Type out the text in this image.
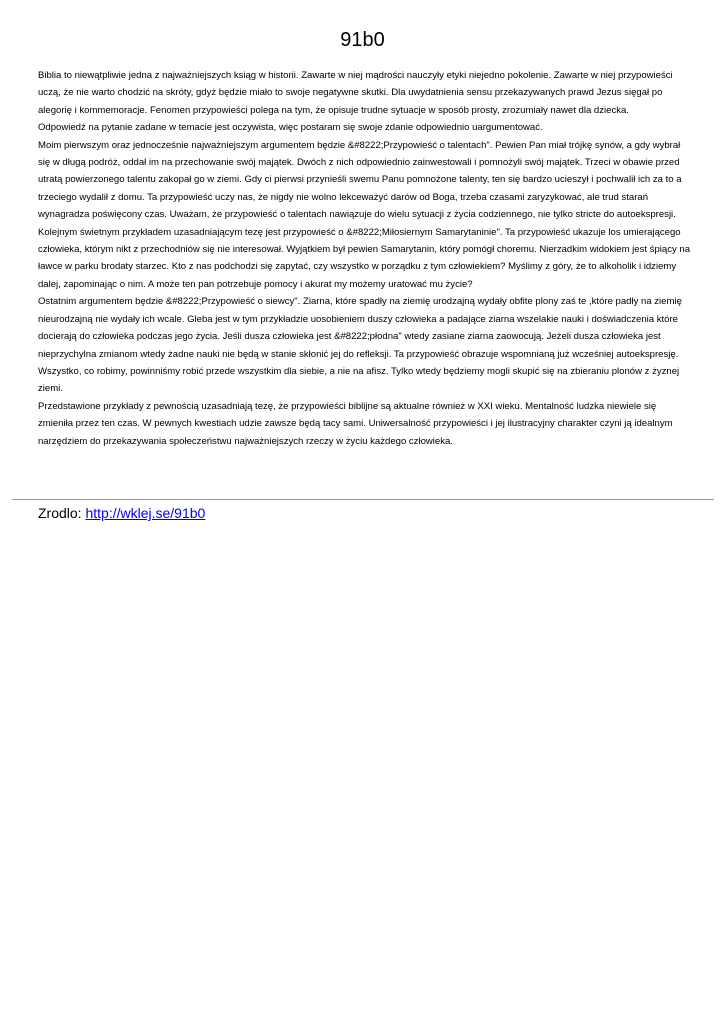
91b0

Biblia to niewątpliwie jedna z najważniejszych ksiąg w historii. Zawarte w niej mądrości nauczyły etyki niejedno pokolenie. Zawarte w niej przypowieści uczą, że nie warto chodzić na skróty, gdyż będzie miało to swoje negatywne skutki. Dla uwydatnienia sensu przekazywanych prawd Jezus sięgał po alegorię i kommemoracje. Fenomen przypowieści polega na tym, że opisuje trudne sytuacje w sposób prosty, zrozumiały nawet dla dziecka.

Odpowiedź na pytanie zadane w temacie jest oczywista, więc postaram się swoje zdanie odpowiednio uargumentować.

Moim pierwszym oraz jednocześnie najważniejszym argumentem będzie &#8222;Przypowieść o talentach". Pewien Pan miał trójkę synów, a gdy wybrał się w długą podróż, oddał im na przechowanie swój majątek. Dwóch z nich odpowiednio zainwestowali i pomnożyli swój majątek. Trzeci w obawie przed utratą powierzonego talentu zakopał go w ziemi. Gdy ci pierwsi przynieśli swemu Panu pomnożone talenty, ten się bardzo ucieszył i pochwalił ich za to a trzeciego wydalił z domu. Ta przypowieść uczy nas, że nigdy nie wolno lekceważyć darów od Boga, trzeba czasami zaryzykować, ale trud starań wynagradza poświęcony czas. Uważam, że przypowieść o talentach nawiązuje do wielu sytuacji z życia codziennego, nie tylko stricte do autoekspresji.

Kolejnym świetnym przykładem uzasadniającym tezę jest przypowieść o &#8222;Miłosiernym Samarytaninie". Ta przypowieść ukazuje los umierającego człowieka, którym nikt z przechodniów się nie interesował. Wyjątkiem był pewien Samarytanin, który pomógł choremu. Nierzadkim widokiem jest śpiący na ławce w parku brodaty starzec. Kto z nas podchodzi się zapytać, czy wszystko w porządku z tym człowiekiem? Myślimy z góry, że to alkoholik i idziemy dalej, zapominając o nim. A może ten pan potrzebuje pomocy i akurat my możemy uratować mu życie?

Ostatnim argumentem będzie &#8222;Przypowieść o siewcy". Ziarna, które spadły na ziemię urodzajną wydały obfite plony zaś te ,które padły na ziemię nieurodzajną nie wydały ich wcale. Gleba jest w tym przykładzie uosobieniem duszy człowieka a padające ziarna wszelakie nauki i doświadczenia które docierają do człowieka podczas jego życia. Jeśli dusza człowieka jest &#8222;płodna" wtedy zasiane ziarna zaowocują. Jeżeli dusza człowieka jest nieprzychylna zmianom wtedy żadne nauki nie będą w stanie skłonić jej do refleksji. Ta przypowieść obrazuje wspomnianą już wcześniej autoekspresję. Wszystko, co robimy, powinniśmy robić przede wszystkim dla siebie, a nie na afisz. Tylko wtedy będziemy mogli skupić się na zbieraniu plonów z żyznej ziemi.

Przedstawione przykłady z pewnością uzasadniają tezę, że przypowieści biblijne są aktualne również w XXI wieku. Mentalność ludzka niewiele się zmieniła przez ten czas. W pewnych kwestiach udzie zawsze będą tacy sami. Uniwersalność przypowieści i jej ilustracyjny charakter czyni ją idealnym narzędziem do przekazywania społeczeństwu najważniejszych rzeczy w życiu każdego człowieka.

Zrodlo: http://wklej.se/91b0
